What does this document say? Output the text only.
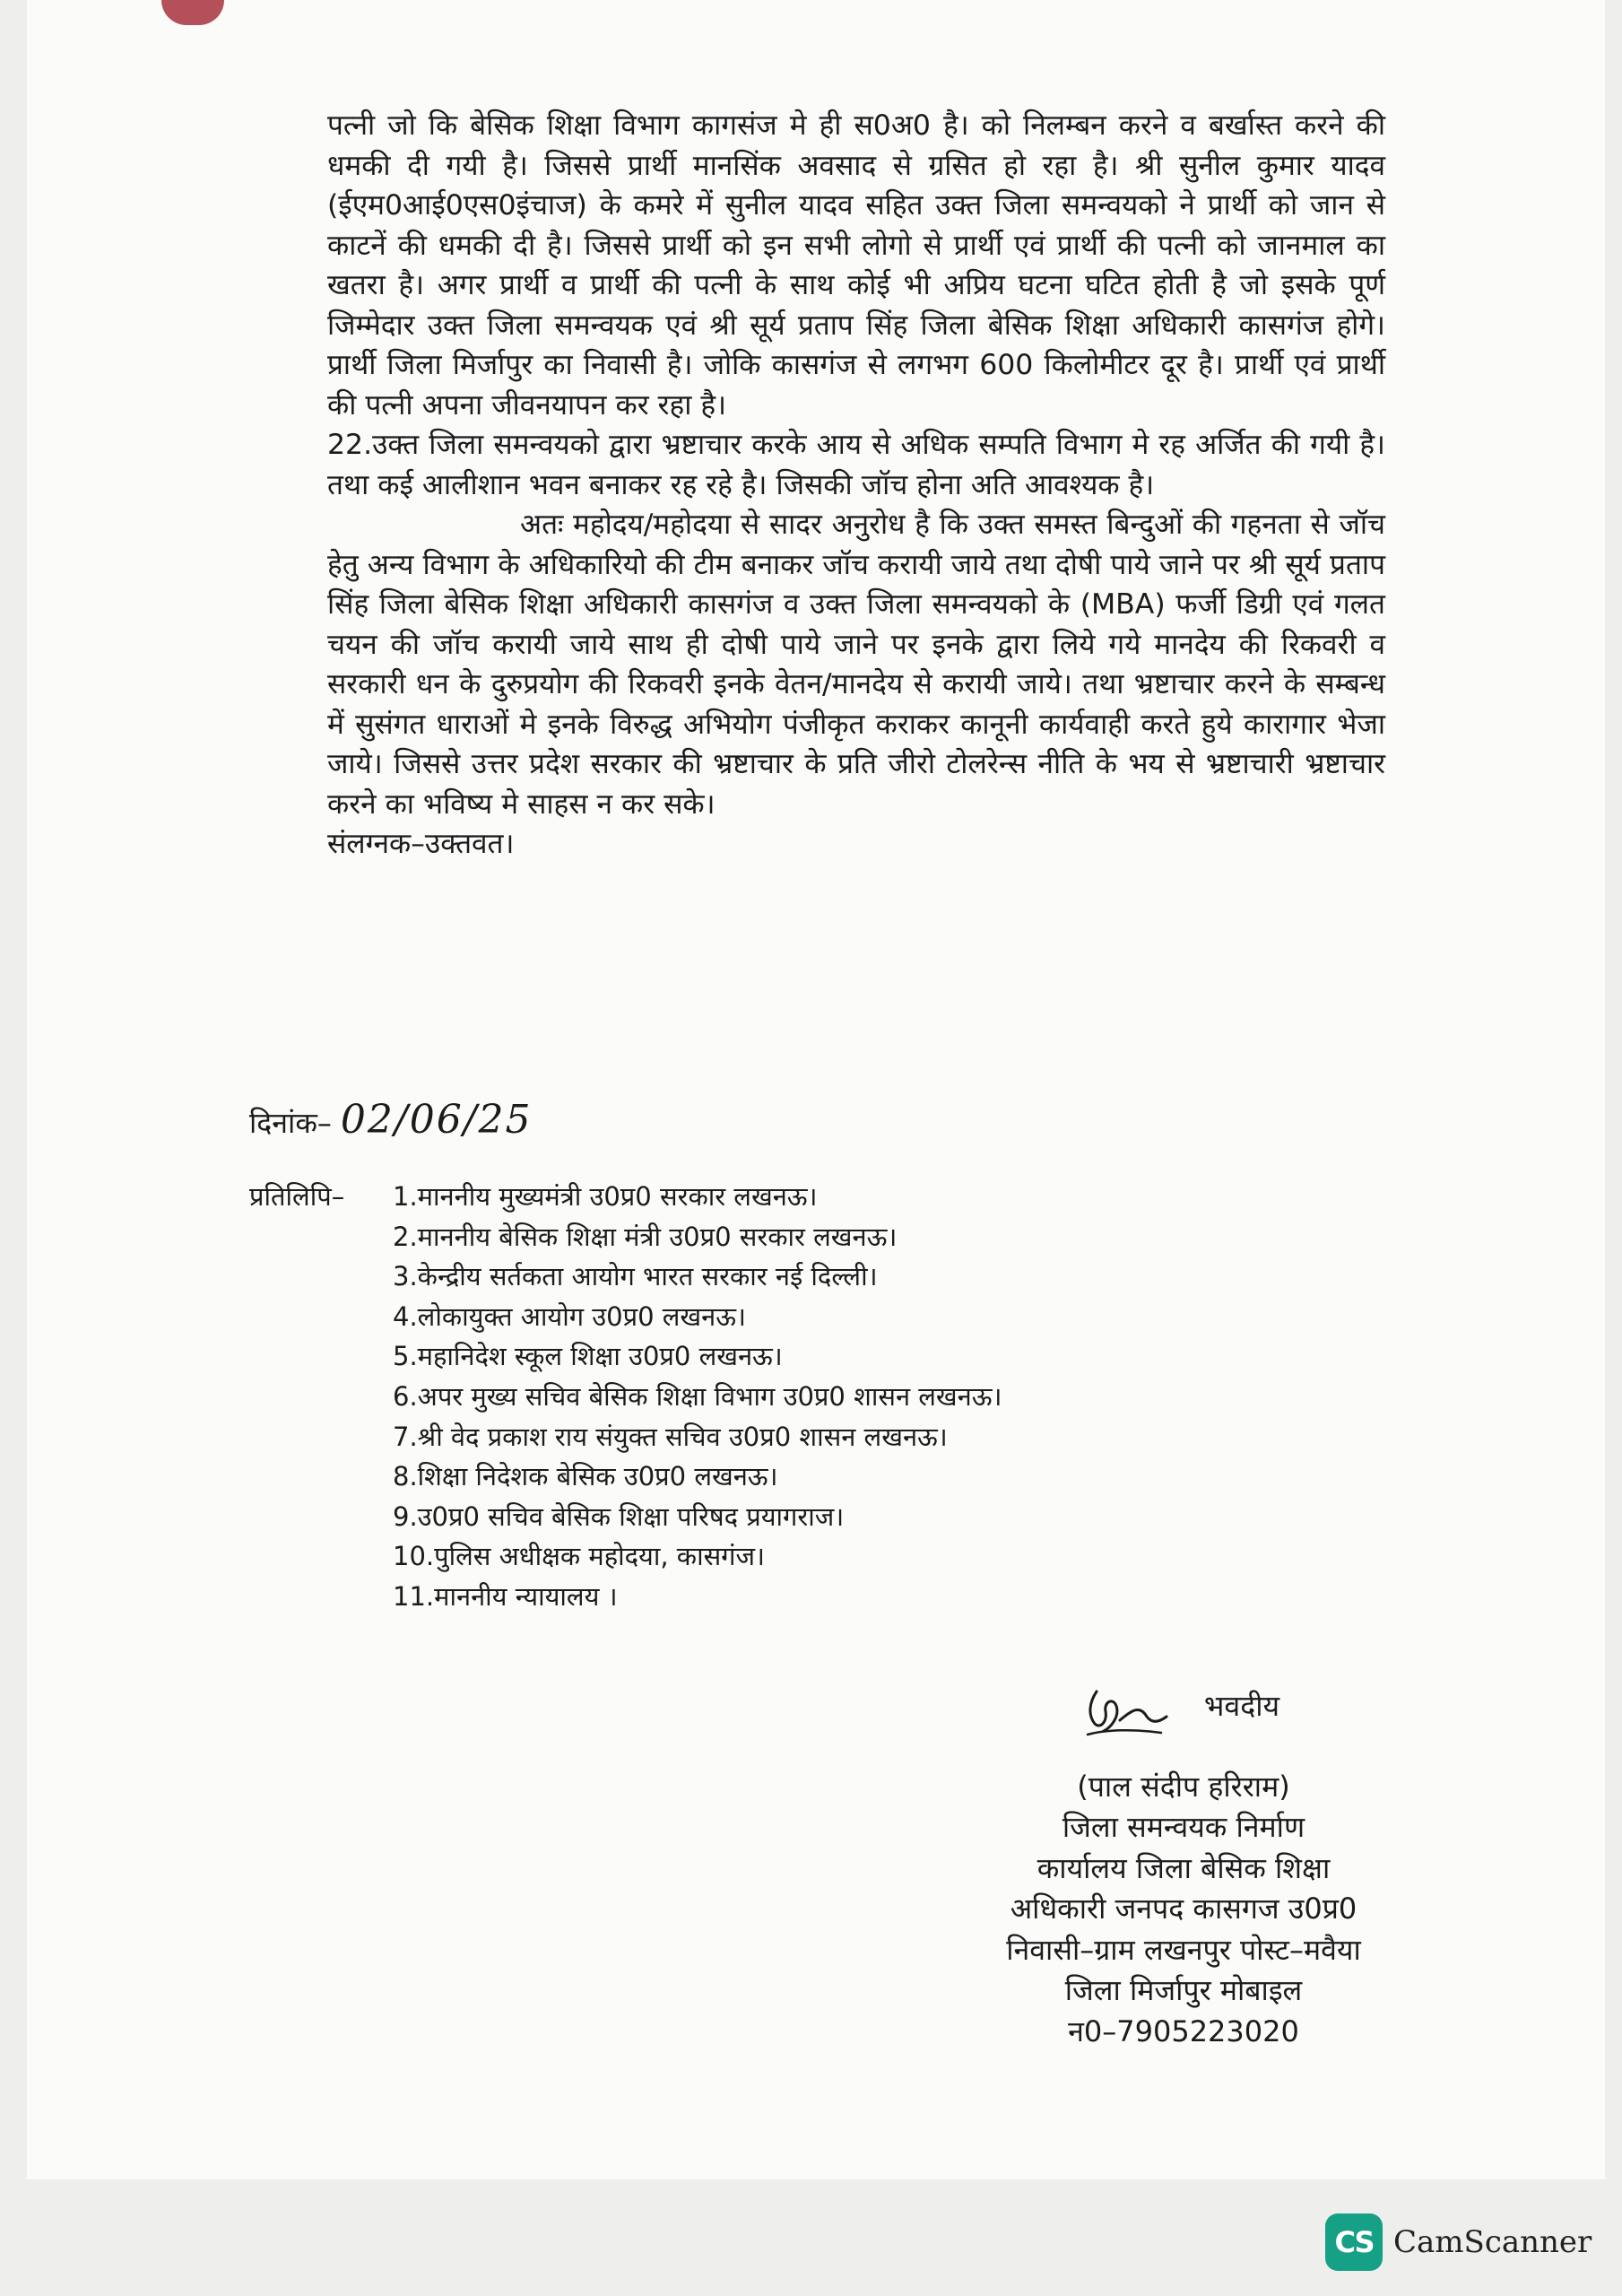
पत्नी जो कि बेसिक शिक्षा विभाग कागसंज मे ही स0अ0 है। को निलम्बन करने व बर्खास्त करने की धमकी दी गयी है। जिससे प्रार्थी मानसिंक अवसाद से ग्रसित हो रहा है। श्री सुनील कुमार यादव (ईएम0आई0एस0इंचाज) के कमरे में सुनील यादव सहित उक्त जिला समन्वयको ने प्रार्थी को जान से काटनें की धमकी दी है। जिससे प्रार्थी को इन सभी लोगो से प्रार्थी एवं प्रार्थी की पत्नी को जानमाल का खतरा है। अगर प्रार्थी व प्रार्थी की पत्नी के साथ कोई भी अप्रिय घटना घटित होती है जो इसके पूर्ण जिम्मेदार उक्त जिला समन्वयक एवं श्री सूर्य प्रताप सिंह जिला बेसिक शिक्षा अधिकारी कासगंज होगे। प्रार्थी जिला मिर्जापुर का निवासी है। जोकि कासगंज से लगभग 600 किलोमीटर दूर है। प्रार्थी एवं प्रार्थी की पत्नी अपना जीवनयापन कर रहा है।

22.उक्त जिला समन्वयको द्वारा भ्रष्टाचार करके आय से अधिक सम्पति विभाग मे रह अर्जित की गयी है। तथा कई आलीशान भवन बनाकर रह रहे है। जिसकी जॉच होना अति आवश्यक है।

अतः महोदय/महोदया से सादर अनुरोध है कि उक्त समस्त बिन्दुओं की गहनता से जॉच हेतु अन्य विभाग के अधिकारियो की टीम बनाकर जॉच करायी जाये तथा दोषी पाये जाने पर श्री सूर्य प्रताप सिंह जिला बेसिक शिक्षा अधिकारी कासगंज व उक्त जिला समन्वयको के (MBA) फर्जी डिग्री एवं गलत चयन की जॉच करायी जाये साथ ही दोषी पाये जाने पर इनके द्वारा लिये गये मानदेय की रिकवरी व सरकारी धन के दुरुप्रयोग की रिकवरी इनके वेतन/मानदेय से करायी जाये। तथा भ्रष्टाचार करने के सम्बन्ध में सुसंगत धाराओं मे इनके विरुद्ध अभियोग पंजीकृत कराकर कानूनी कार्यवाही करते हुये कारागार भेजा जाये। जिससे उत्तर प्रदेश सरकार की भ्रष्टाचार के प्रति जीरो टोलरेन्स नीति के भय से भ्रष्टाचारी भ्रष्टाचार करने का भविष्य मे साहस न कर सके।

संलग्नक–उक्तवत।

दिनांक– 02/06/25
प्रतिलिपि– 1.माननीय मुख्यमंत्री उ0प्र0 सरकार लखनऊ।
2.माननीय बेसिक शिक्षा मंत्री उ0प्र0 सरकार लखनऊ।
3.केन्द्रीय सर्तकता आयोग भारत सरकार नई दिल्ली।
4.लोकायुक्त आयोग उ0प्र0 लखनऊ।
5.महानिदेश स्कूल शिक्षा उ0प्र0 लखनऊ।
6.अपर मुख्य सचिव बेसिक शिक्षा विभाग उ0प्र0 शासन लखनऊ।
7.श्री वेद प्रकाश राय संयुक्त सचिव उ0प्र0 शासन लखनऊ।
8.शिक्षा निदेशक बेसिक उ0प्र0 लखनऊ।
9.उ0प्र0 सचिव बेसिक शिक्षा परिषद प्रयागराज।
10.पुलिस अधीक्षक महोदया, कासगंज।
11.माननीय न्यायालय ।
भवदीय
(पाल संदीप हरिराम)
जिला समन्वयक निर्माण
कार्यालय जिला बेसिक शिक्षा
अधिकारी जनपद कासगज उ0प्र0
निवासी–ग्राम लखनपुर पोस्ट–मवैया
जिला मिर्जापुर मोबाइल
न0–7905223020
CS CamScanner
